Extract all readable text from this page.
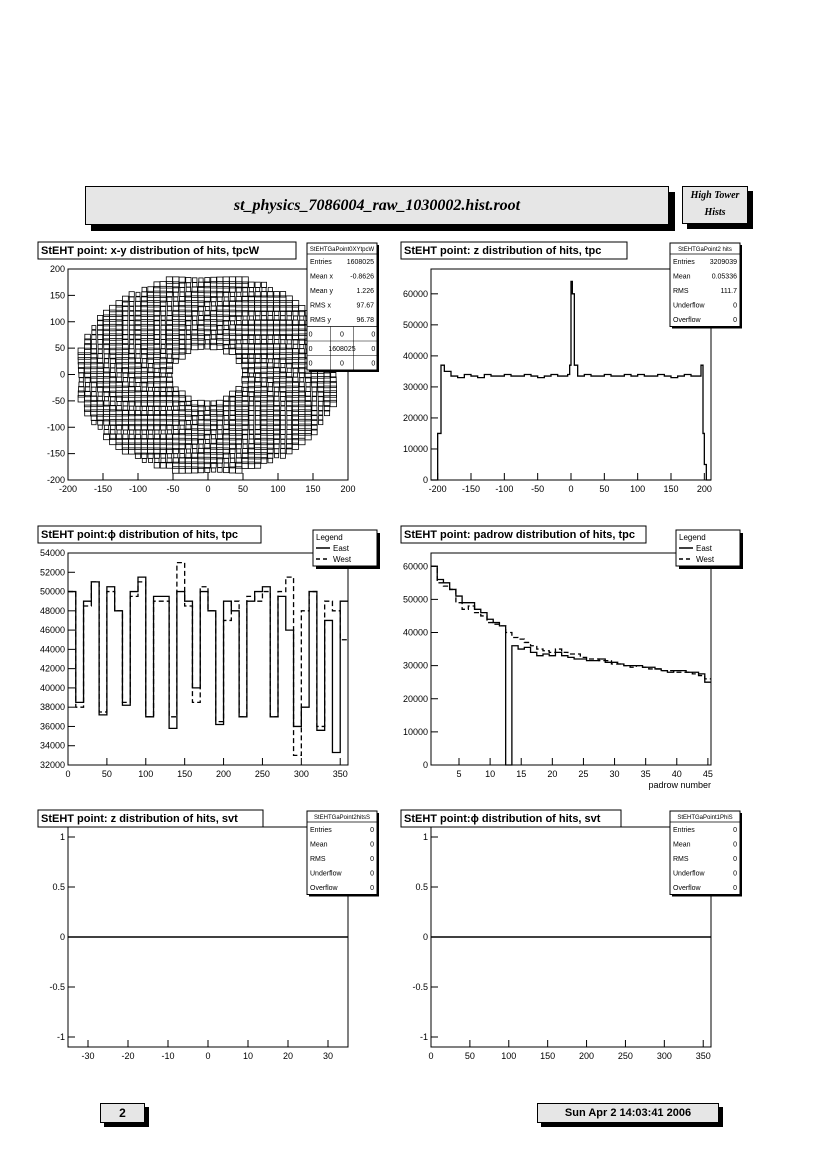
st_physics_7086004_raw_1030002.hist.root
High Tower
Hists
2	Sun Apr 2 14:03:41 2006
-200 -150 -100 -50	0	50 100 150 200
200
150
100
50
0
-50
-100
-150
-200
StEHT point: x-y distribution of hits, tpcW	StEHTGaPoint0XYtpcW
Entries 1608025
Mean x -0.8626
Mean y	1.226
RMS x	97.67
RMS y	96.78
0	0	0
0 1608025 0
0	0	0
-200 -150 -100 -50	0	50 100 150 200
60000
50000
40000
30000
20000
10000
0
StEHT point: z distribution of hits, tpc	StEHTGaPoint2 hits
Entries 3209039
Mean	0.05336
RMS	111.7
Underflow	0
Overflow	0
0	50	100	150	200	250	300	350
54000
52000
50000
48000
46000
44000
42000
40000
38000
36000
34000
32000
StEHT point:ϕ distribution of hits, tpc	Legend
East
West
5	10 15 20 25 30 35 40 45
60000
50000
40000
30000
20000
10000
0
StEHT point: padrow distribution of hits, tpc
padrow number
Legend
East
West
-30	-20	-10	0	10	20	30
1
0.5
0
-0.5
-1
StEHT point: z distribution of hits, svt	StEHTGaPoint2hitsS
Entries	0
Mean	0
RMS	0
Underflow	0
Overflow	0
0	50	100	150	200	250	300	350
1
0.5
0
-0.5
-1
StEHT point:ϕ distribution of hits, svt	StEHTGaPoint1PhiS
Entries	0
Mean	0
RMS	0
Underflow	0
Overflow	0
